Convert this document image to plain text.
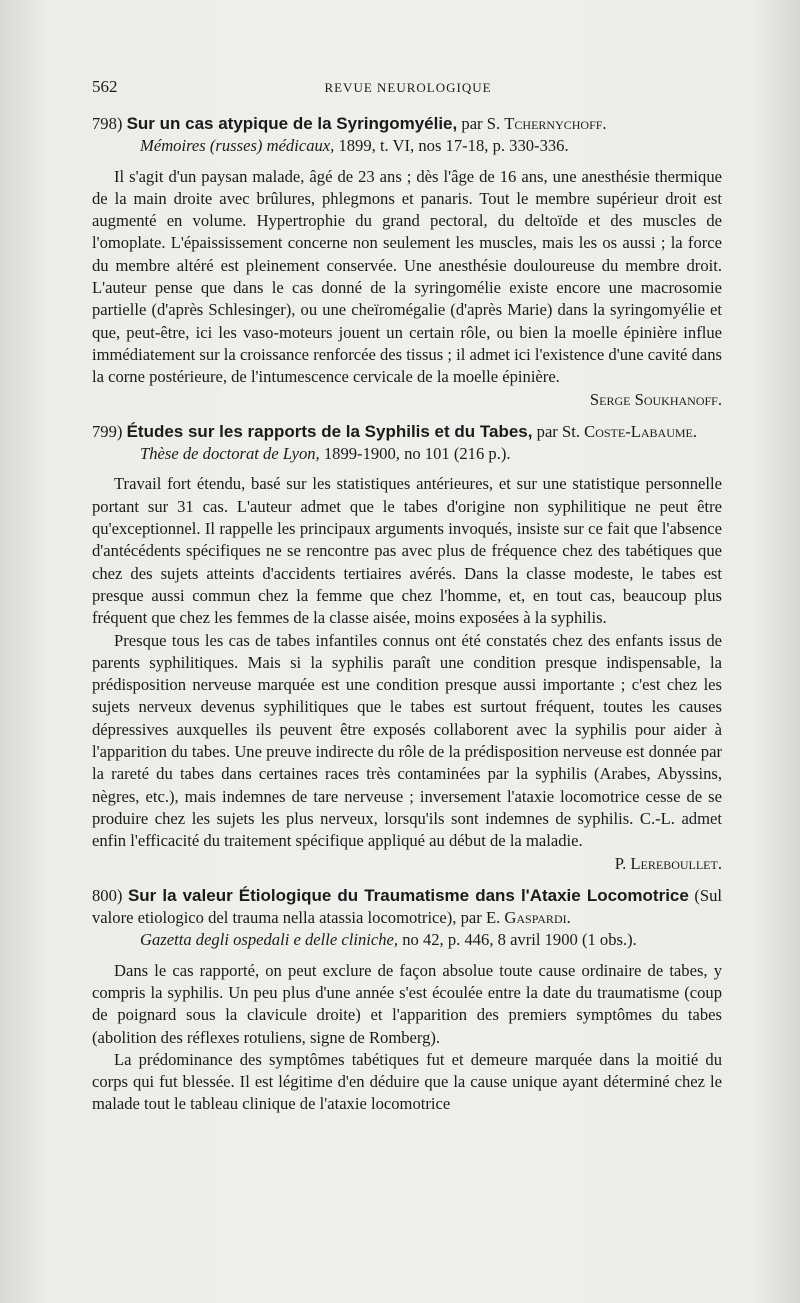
562	REVUE NEUROLOGIQUE

798) Sur un cas atypique de la Syringomyélie, par S. Tchernychoff.

Mémoires (russes) médicaux, 1899, t. VI, nos 17-18, p. 330-336.

Il s'agit d'un paysan malade, âgé de 23 ans ; dès l'âge de 16 ans, une anesthésie thermique de la main droite avec brûlures, phlegmons et panaris. Tout le membre supérieur droit est augmenté en volume. Hypertrophie du grand pectoral, du deltoïde et des muscles de l'omoplate. L'épaississement concerne non seulement les muscles, mais les os aussi ; la force du membre altéré est pleinement conservée. Une anesthésie douloureuse du membre droit. L'auteur pense que dans le cas donné de la syringomélie existe encore une macrosomie partielle (d'après Schlesinger), ou une cheïromégalie (d'après Marie) dans la syringomyélie et que, peut-être, ici les vaso-moteurs jouent un certain rôle, ou bien la moelle épinière influe immédiatement sur la croissance renforcée des tissus ; il admet ici l'existence d'une cavité dans la corne postérieure, de l'intumescence cervicale de la moelle épinière.

Serge Soukhanoff.

799) Études sur les rapports de la Syphilis et du Tabes, par St. Coste-Labaume.

Thèse de doctorat de Lyon, 1899-1900, no 101 (216 p.).

Travail fort étendu, basé sur les statistiques antérieures, et sur une statistique personnelle portant sur 31 cas. L'auteur admet que le tabes d'origine non syphilitique ne peut être qu'exceptionnel. Il rappelle les principaux arguments invoqués, insiste sur ce fait que l'absence d'antécédents spécifiques ne se rencontre pas avec plus de fréquence chez des tabétiques que chez des sujets atteints d'accidents tertiaires avérés. Dans la classe modeste, le tabes est presque aussi commun chez la femme que chez l'homme, et, en tout cas, beaucoup plus fréquent que chez les femmes de la classe aisée, moins exposées à la syphilis.

Presque tous les cas de tabes infantiles connus ont été constatés chez des enfants issus de parents syphilitiques. Mais si la syphilis paraît une condition presque indispensable, la prédisposition nerveuse marquée est une condition presque aussi importante ; c'est chez les sujets nerveux devenus syphilitiques que le tabes est surtout fréquent, toutes les causes dépressives auxquelles ils peuvent être exposés collaborent avec la syphilis pour aider à l'apparition du tabes. Une preuve indirecte du rôle de la prédisposition nerveuse est donnée par la rareté du tabes dans certaines races très contaminées par la syphilis (Arabes, Abyssins, nègres, etc.), mais indemnes de tare nerveuse ; inversement l'ataxie locomotrice cesse de se produire chez les sujets les plus nerveux, lorsqu'ils sont indemnes de syphilis. C.-L. admet enfin l'efficacité du traitement spécifique appliqué au début de la maladie.

P. Lereboullet.

800) Sur la valeur Étiologique du Traumatisme dans l'Ataxie Locomotrice (Sul valore etiologico del trauma nella atassia locomotrice), par E. Gaspardi.

Gazetta degli ospedali e delle cliniche, no 42, p. 446, 8 avril 1900 (1 obs.).

Dans le cas rapporté, on peut exclure de façon absolue toute cause ordinaire de tabes, y compris la syphilis. Un peu plus d'une année s'est écoulée entre la date du traumatisme (coup de poignard sous la clavicule droite) et l'apparition des premiers symptômes du tabes (abolition des réflexes rotuliens, signe de Romberg).

La prédominance des symptômes tabétiques fut et demeure marquée dans la moitié du corps qui fut blessée. Il est légitime d'en déduire que la cause unique ayant déterminé chez le malade tout le tableau clinique de l'ataxie locomotrice
